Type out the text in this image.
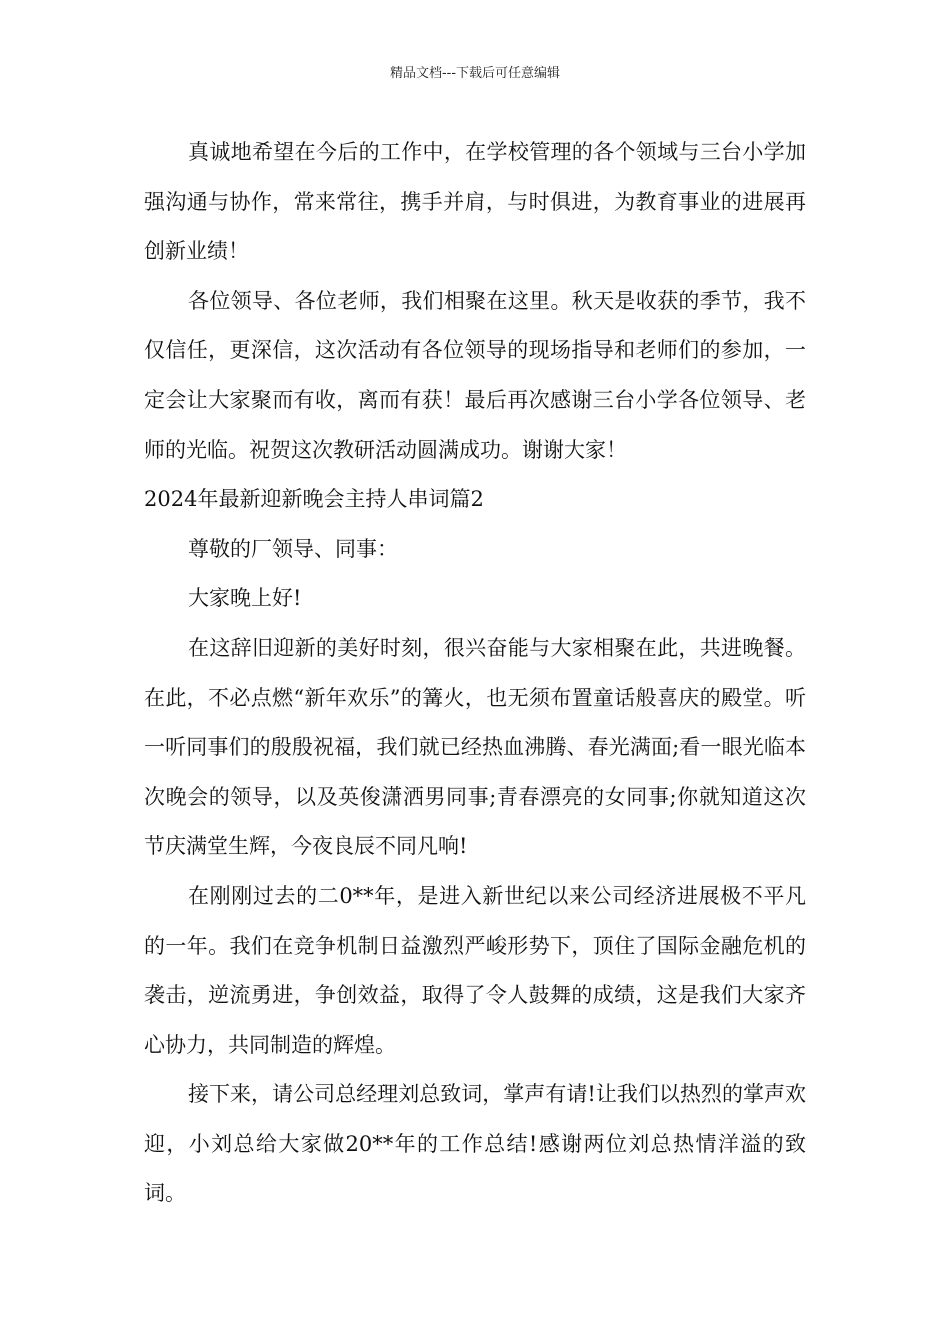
精品文档---下载后可任意编辑

真诚地希望在今后的工作中，在学校管理的各个领域与三台小学加强沟通与协作，常来常往，携手并肩，与时俱进，为教育事业的进展再创新业绩！

各位领导、各位老师，我们相聚在这里。秋天是收获的季节，我不仅信任，更深信，这次活动有各位领导的现场指导和老师们的参加，一定会让大家聚而有收，离而有获！最后再次感谢三台小学各位领导、老师的光临。祝贺这次教研活动圆满成功。谢谢大家！

2024年最新迎新晚会主持人串词篇2

尊敬的厂领导、同事：

大家晚上好!

在这辞旧迎新的美好时刻，很兴奋能与大家相聚在此，共进晚餐。在此，不必点燃“新年欢乐”的篝火，也无须布置童话般喜庆的殿堂。听一听同事们的殷殷祝福，我们就已经热血沸腾、春光满面;看一眼光临本次晚会的领导，以及英俊潇洒男同事;青春漂亮的女同事;你就知道这次节庆满堂生辉，今夜良辰不同凡响!

在刚刚过去的二0**年，是进入新世纪以来公司经济进展极不平凡的一年。我们在竞争机制日益激烈严峻形势下，顶住了国际金融危机的袭击，逆流勇进，争创效益，取得了令人鼓舞的成绩，这是我们大家齐心协力，共同制造的辉煌。

接下来，请公司总经理刘总致词，掌声有请!让我们以热烈的掌声欢迎，小刘总给大家做20**年的工作总结!感谢两位刘总热情洋溢的致词。
